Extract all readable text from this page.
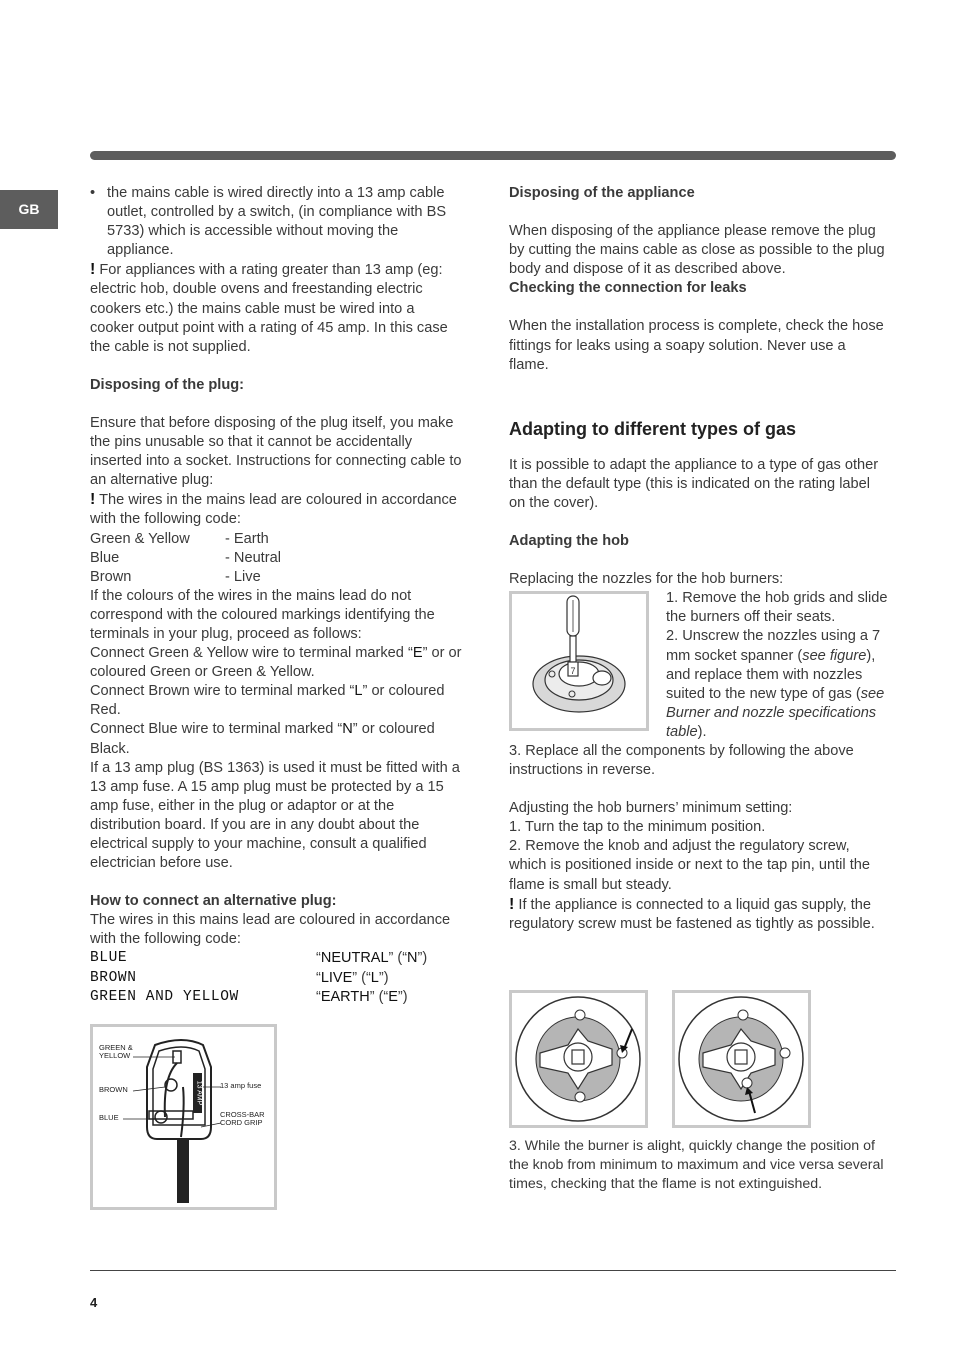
GB
• the mains cable is wired directly into a 13 amp cable outlet, controlled by a switch, (in compliance with BS 5733) which is accessible without moving the appliance.

! For appliances with a rating greater than 13 amp (eg: electric hob, double ovens and freestanding electric cookers etc.) the mains cable must be wired into a cooker output point with a rating of 45 amp. In this case the cable is not supplied.

Disposing of the plug:

Ensure that before disposing of the plug itself, you make the pins unusable so that it cannot be accidentally inserted into a socket. Instructions for connecting cable to an alternative plug:

! The wires in the mains lead are coloured in accordance with the following code:

Green & Yellow	- Earth
Blue	- Neutral
Brown	- Live

If the colours of the wires in the mains lead do not correspond with the coloured markings identifying the terminals in your plug, proceed as follows:

Connect Green & Yellow wire to terminal marked “E” or or coloured Green or Green & Yellow.

Connect Brown wire to terminal marked “L” or coloured Red.

Connect Blue wire to terminal marked “N” or coloured Black.

If a 13 amp plug (BS 1363) is used it must be fitted with a 13 amp fuse. A 15 amp plug must be protected by a 15 amp fuse, either in the plug or adaptor or at the distribution board. If you are in any doubt about the electrical supply to your machine, consult a qualified electrician before use.

How to connect an alternative plug:

The wires in this mains lead are coloured in accordance with the following code:

BLUE	“NEUTRAL” (“N”)
BROWN	“LIVE” (“L”)
GREEN AND YELLOW	“EARTH” (“E”)
13 AMP
GREEN & YELLOW
BROWN
BLUE
13 amp fuse
CROSS-BAR CORD GRIP

Disposing of the appliance

When disposing of the appliance please remove the plug by cutting the mains cable as close as possible to the plug body and dispose of it as described above.

Checking the connection for leaks

When the installation process is complete, check the hose fittings for leaks using a soapy solution. Never use a flame.

Adapting to different types of gas

It is possible to adapt the appliance to a type of gas other than the default type (this is indicated on the rating label on the cover).

Adapting the hob

Replacing the nozzles for the hob burners:

7

1. Remove the hob grids and slide the burners off their seats.

2. Unscrew the nozzles using a 7 mm socket spanner (see figure), and replace them with nozzles suited to the new type of gas (see Burner and nozzle specifications table).

3. Replace all the components by following the above instructions in reverse.

Adjusting the hob burners’ minimum setting:

1. Turn the tap to the minimum position.

2. Remove the knob and adjust the regulatory screw, which is positioned inside or next to the tap pin, until the flame is small but steady.

! If the appliance is connected to a liquid gas supply, the regulatory screw must be fastened as tightly as possible.

3. While the burner is alight, quickly change the position of the knob from minimum to maximum and vice versa several times, checking that the flame is not extinguished.

4
